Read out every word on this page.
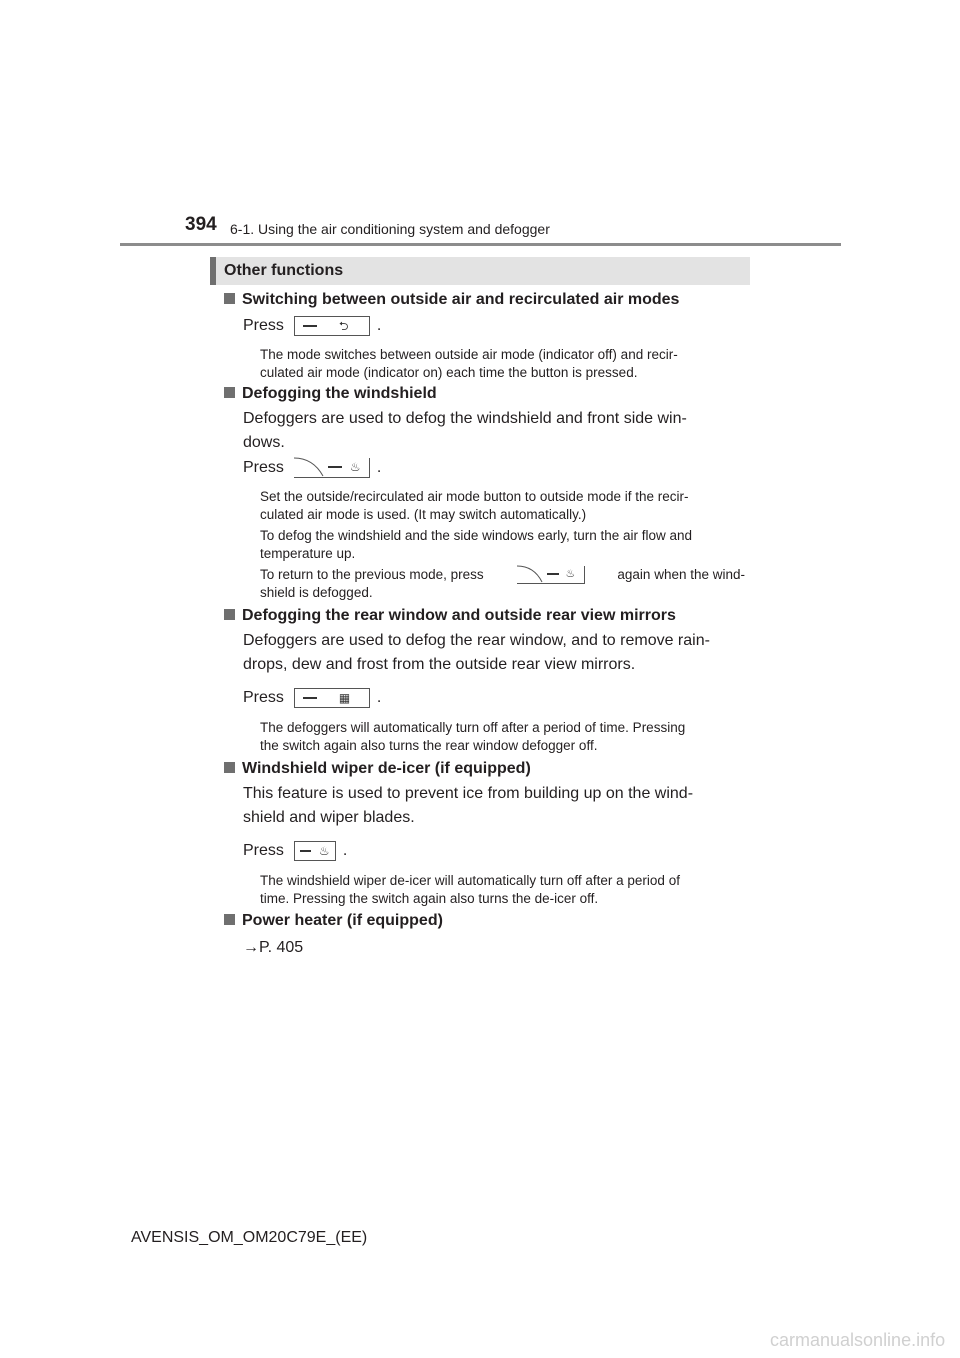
394 6-1. Using the air conditioning system and defogger
Other functions
Switching between outside air and recirculated air modes
Press	⮌ .
The mode switches between outside air mode (indicator off) and recir-
culated air mode (indicator on) each time the button is pressed.
Defogging the windshield
Defoggers are used to defog the windshield and front side win-
dows.
Press	♨ .
Set the outside/recirculated air mode button to outside mode if the recir-
culated air mode is used. (It may switch automatically.)
To defog the windshield and the side windows early, turn the air flow and
temperature up.
To return to the previous mode, press	♨	again when the wind-
shield is defogged.
Defogging the rear window and outside rear view mirrors
Defoggers are used to defog the rear window, and to remove rain-
drops, dew and frost from the outside rear view mirrors.
Press	▦ .
The defoggers will automatically turn off after a period of time. Pressing
the switch again also turns the rear window defogger off.
Windshield wiper de-icer (if equipped)
This feature is used to prevent ice from building up on the wind-
shield and wiper blades.
Press	♨ .
The windshield wiper de-icer will automatically turn off after a period of
time. Pressing the switch again also turns the de-icer off.
Power heater (if equipped)
→P. 405
AVENSIS_OM_OM20C79E_(EE)
carmanualsonline.info
